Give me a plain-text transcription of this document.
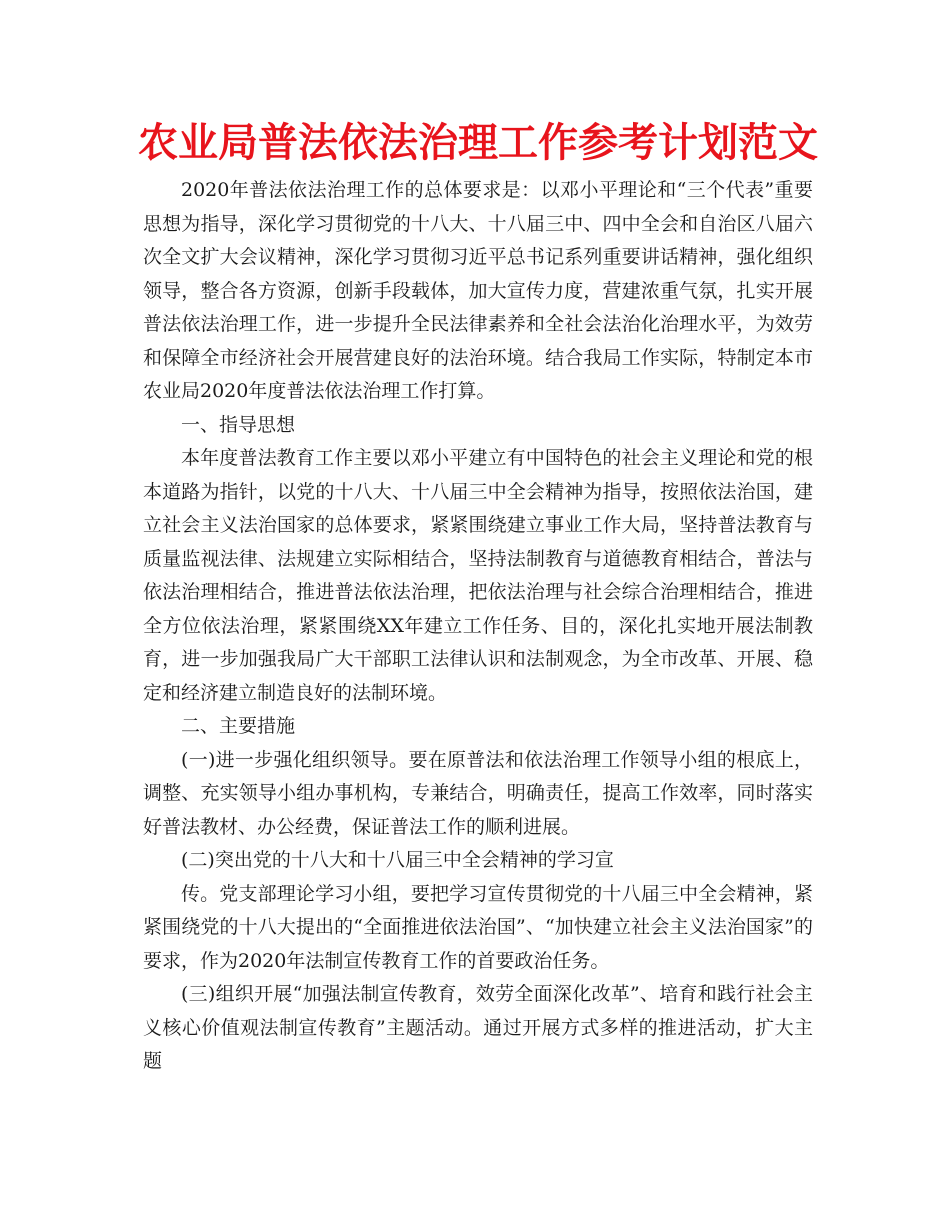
农业局普法依法治理工作参考计划范文

2020年普法依法治理工作的总体要求是：以邓小平理论和“三个代表”重要思想为指导，深化学习贯彻党的十八大、十八届三中、四中全会和自治区八届六次全文扩大会议精神，深化学习贯彻习近平总书记系列重要讲话精神，强化组织领导，整合各方资源，创新手段载体，加大宣传力度，营建浓重气氛，扎实开展普法依法治理工作，进一步提升全民法律素养和全社会法治化治理水平，为效劳和保障全市经济社会开展营建良好的法治环境。结合我局工作实际，特制定本市农业局2020年度普法依法治理工作打算。

一、指导思想

本年度普法教育工作主要以邓小平建立有中国特色的社会主义理论和党的根本道路为指针，以党的十八大、十八届三中全会精神为指导，按照依法治国，建立社会主义法治国家的总体要求，紧紧围绕建立事业工作大局，坚持普法教育与质量监视法律、法规建立实际相结合，坚持法制教育与道德教育相结合，普法与依法治理相结合，推进普法依法治理，把依法治理与社会综合治理相结合，推进全方位依法治理，紧紧围绕XX年建立工作任务、目的，深化扎实地开展法制教育，进一步加强我局广大干部职工法律认识和法制观念，为全市改革、开展、稳定和经济建立制造良好的法制环境。

二、主要措施

(一)进一步强化组织领导。要在原普法和依法治理工作领导小组的根底上，调整、充实领导小组办事机构，专兼结合，明确责任，提高工作效率，同时落实好普法教材、办公经费，保证普法工作的顺利进展。

(二)突出党的十八大和十八届三中全会精神的学习宣

传。党支部理论学习小组，要把学习宣传贯彻党的十八届三中全会精神，紧紧围绕党的十八大提出的“全面推进依法治国”、“加快建立社会主义法治国家”的要求，作为2020年法制宣传教育工作的首要政治任务。

(三)组织开展“加强法制宣传教育，效劳全面深化改革”、培育和践行社会主义核心价值观法制宣传教育”主题活动。通过开展方式多样的推进活动，扩大主题
